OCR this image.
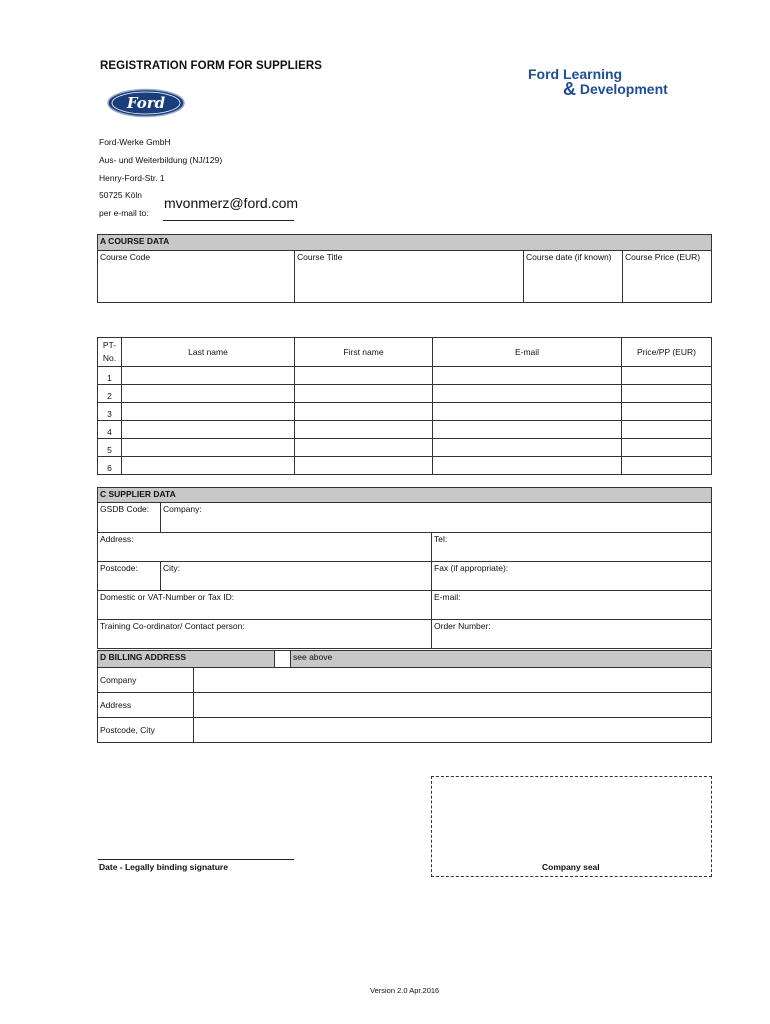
REGISTRATION FORM FOR SUPPLIERS	Ford Learning
& Development
Ford
Ford-Werke GmbH
Aus- und Weiterbildung (NJ/129)
Henry-Ford-Str. 1
50725 Köln
per e-mail to:
mvonmerz@ford.com
A COURSE DATA
Course Code	Course Title	Course date (if known)	Course Price (EUR)
PT-
No.	Last name	First name	E-mail	Price/PP (EUR)
1				
2				
3				
4				
5				
6				
C SUPPLIER DATA		
GSDB Code:	Company:	
Address:		Tel:
Postcode:	City:	Fax (if appropriate):
Domestic or VAT-Number or Tax ID:		E-mail:
Training Co-ordinator/ Contact person:		Order Number:
D BILLING ADDRESS			see above
Company			
Address			
Postcode, City			
Date - Legally binding signature	Company seal
Version 2.0 Apr.2016
